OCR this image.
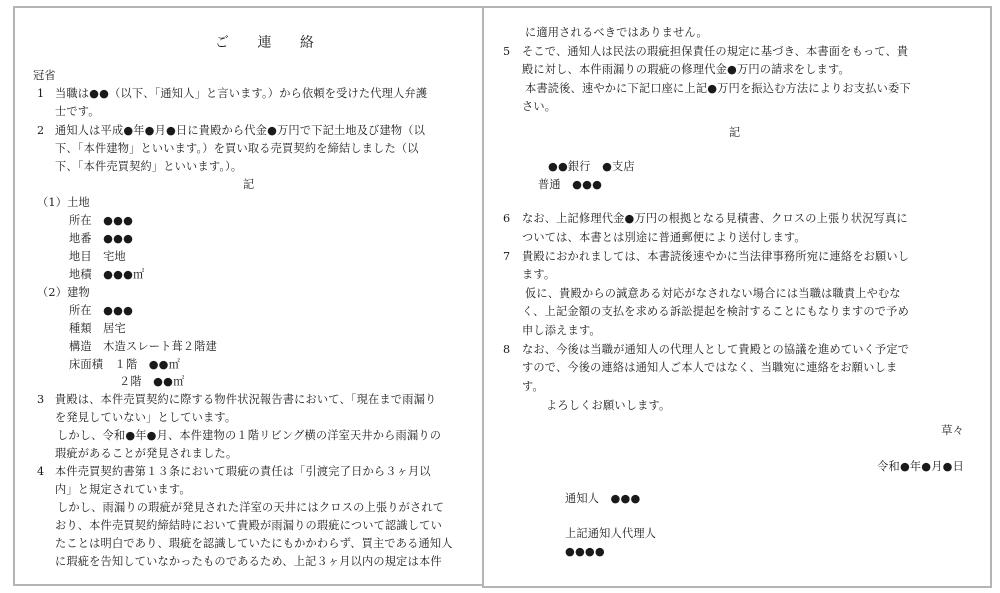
ご 連 絡
冠省
1 当職は●●（以下、「通知人」と言います。）から依頼を受けた代理人弁護
士です。
2 通知人は平成●年●月●日に貴殿から代金●万円で下記土地及び建物（以
下、「本件建物」といいます。）を買い取る売買契約を締結しました（以
下、「本件売買契約」といいます。）。
記
（1）土地
所在　●●●
地番　●●●
地目　宅地
地積　●●●㎡
（2）建物
所在　●●●
種類　居宅
構造　木造スレート葺２階建
床面積　１階　●●㎡
２階　●●㎡
3 貴殿は、本件売買契約に際する物件状況報告書において、「現在まで雨漏り
を発見していない」としています。
しかし、令和●年●月、本件建物の１階リビング横の洋室天井から雨漏りの
瑕疵があることが発見されました。
4 本件売買契約書第１３条において瑕疵の責任は「引渡完了日から３ヶ月以
内」と規定されています。
しかし、雨漏りの瑕疵が発見された洋室の天井にはクロスの上張りがされて
おり、本件売買契約締結時において貴殿が雨漏りの瑕疵について認識してい
たことは明白であり、瑕疵を認識していたにもかかわらず、買主である通知人
に瑕疵を告知していなかったものであるため、上記３ヶ月以内の規定は本件
に適用されるべきではありません。
5 そこで、通知人は民法の瑕疵担保責任の規定に基づき、本書面をもって、貴
殿に対し、本件雨漏りの瑕疵の修理代金●万円の請求をします。
本書読後、速やかに下記口座に上記●万円を振込む方法によりお支払い委下
さい。
記
●●銀行　●支店
普通　●●●
6 なお、上記修理代金●万円の根拠となる見積書、クロスの上張り状況写真に
ついては、本書とは別途に普通郵便により送付します。
7 貴殿におかれましては、本書読後速やかに当法律事務所宛に連絡をお願いし
ます。
仮に、貴殿からの誠意ある対応がなされない場合には当職は職責上やむな
く、上記金額の支払を求める訴訟提起を検討することにもなりますので予め
申し添えます。
8 なお、今後は当職が通知人の代理人として貴殿との協議を進めていく予定で
すので、今後の連絡は通知人ご本人ではなく、当職宛に連絡をお願いしま
す。
よろしくお願いします。
草々
令和●年●月●日
通知人　●●●
上記通知人代理人
●●●●
